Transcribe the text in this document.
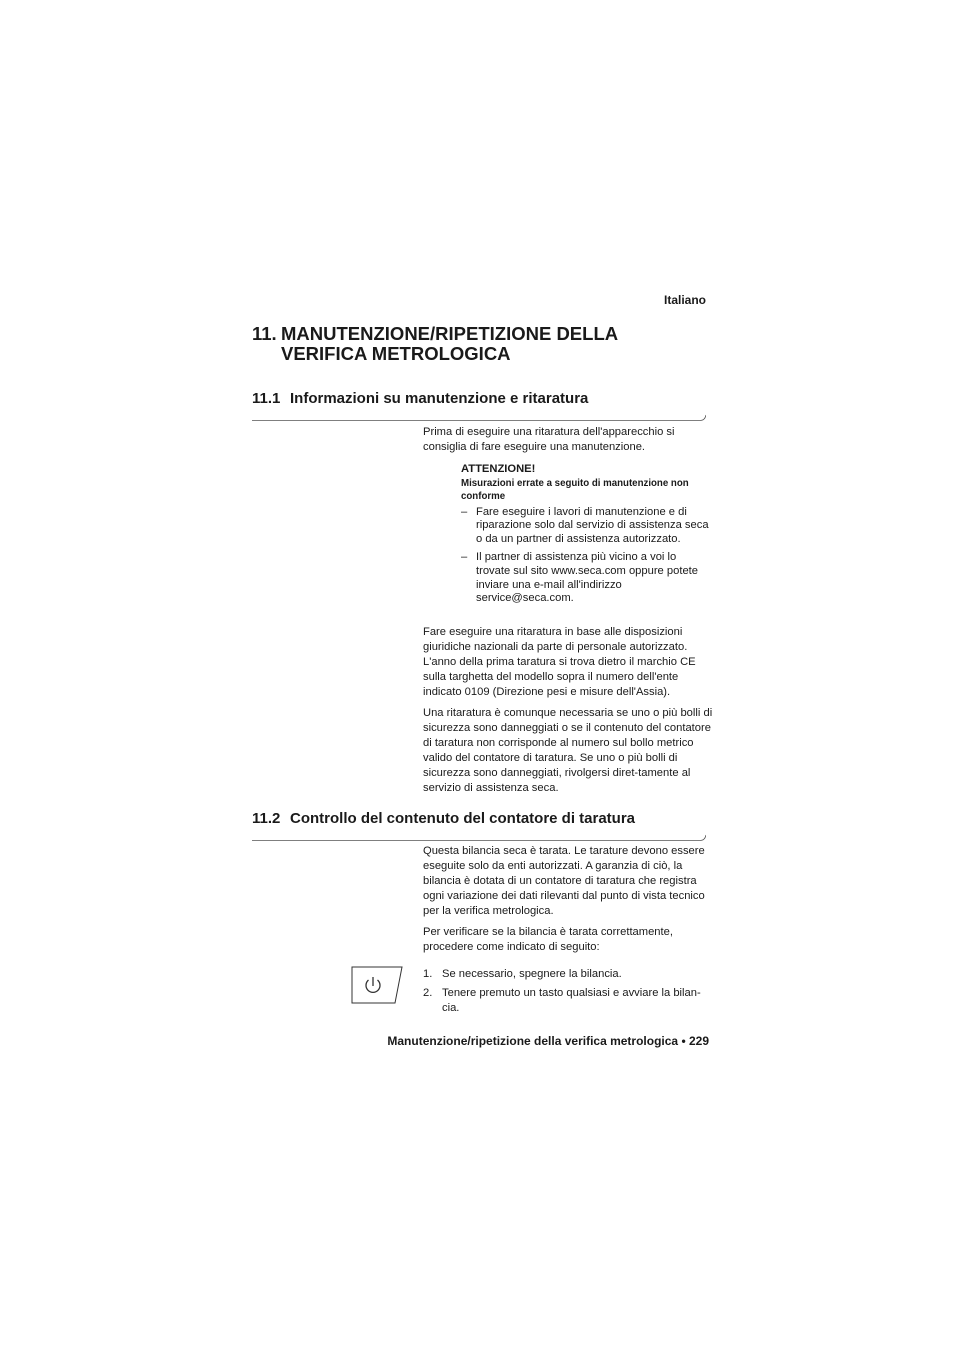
Italiano
11. MANUTENZIONE/RIPETIZIONE DELLA
VERIFICA METROLOGICA
11.1 Informazioni su manutenzione e ritaratura

Prima di eseguire una ritaratura dell'apparecchio si consiglia di fare eseguire una manutenzione.

ATTENZIONE!
Misurazioni errate a seguito di manutenzione non conforme
– Fare eseguire i lavori di manutenzione e di riparazione solo dal servizio di assistenza seca o da un partner di assistenza autorizzato.
– Il partner di assistenza più vicino a voi lo trovate sul sito www.seca.com oppure potete inviare una e-mail all'indirizzo service@seca.com.

Fare eseguire una ritaratura in base alle disposizioni giuridiche nazionali da parte di personale autorizzato. L'anno della prima taratura si trova dietro il marchio CE sulla targhetta del modello sopra il numero dell'ente indicato 0109 (Direzione pesi e misure dell'Assia).

Una ritaratura è comunque necessaria se uno o più bolli di sicurezza sono danneggiati o se il contenuto del contatore di taratura non corrisponde al numero sul bollo metrico valido del contatore di taratura. Se uno o più bolli di sicurezza sono danneggiati, rivolgersi diret-tamente al servizio di assistenza seca.

11.2 Controllo del contenuto del contatore di taratura

Questa bilancia seca è tarata. Le tarature devono essere eseguite solo da enti autorizzati. A garanzia di ciò, la bilancia è dotata di un contatore di taratura che registra ogni variazione dei dati rilevanti dal punto di vista tecnico per la verifica metrologica.

Per verificare se la bilancia è tarata correttamente, procedere come indicato di seguito:

1. Se necessario, spegnere la bilancia.
2. Tenere premuto un tasto qualsiasi e avviare la bilan-cia.
Manutenzione/ripetizione della verifica metrologica • 229
